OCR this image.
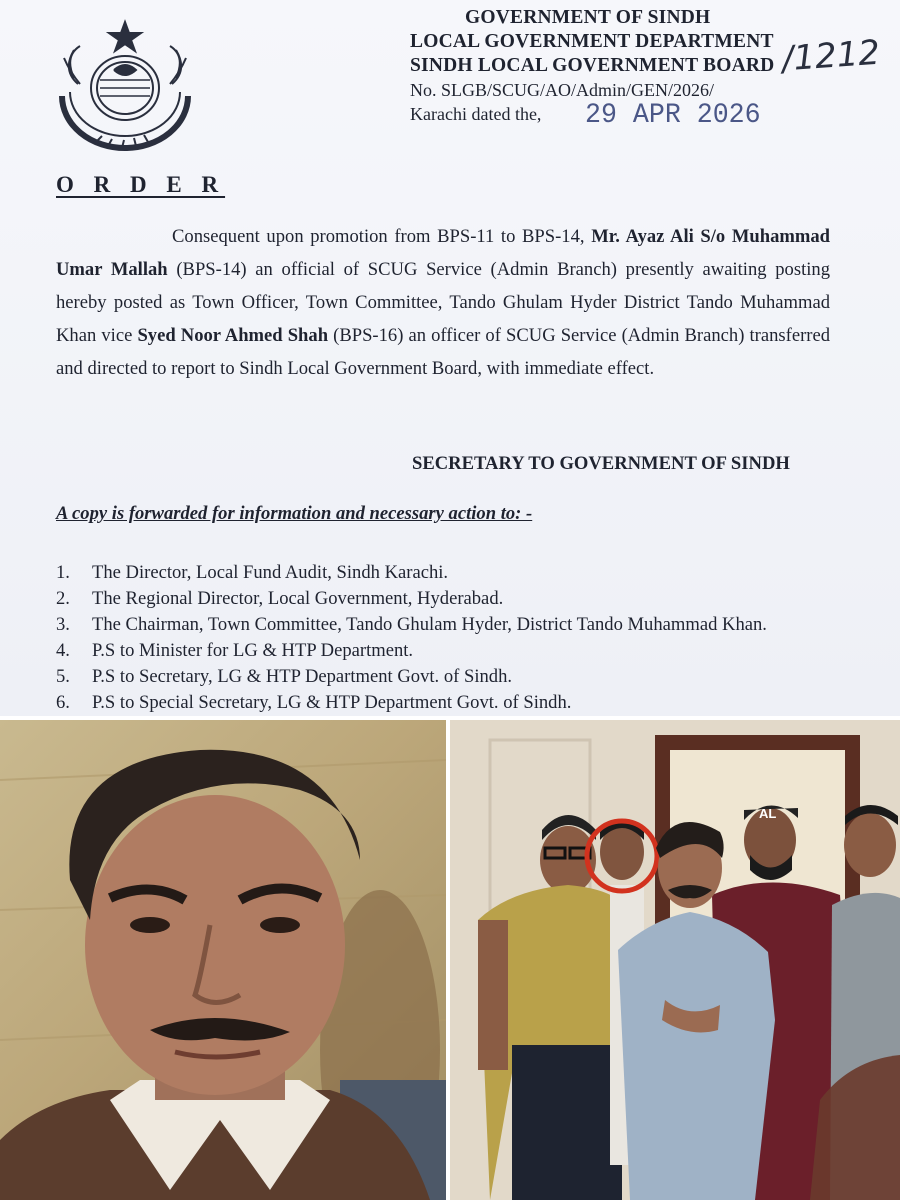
GOVERNMENT OF SINDH
LOCAL GOVERNMENT DEPARTMENT
SINDH LOCAL GOVERNMENT BOARD
No. SLGB/SCUG/AO/Admin/GEN/2026/
Karachi dated the,
/1212
29 APR 2026
O R D E R
Consequent upon promotion from BPS-11 to BPS-14, Mr. Ayaz Ali S/o Muhammad Umar Mallah (BPS-14) an official of SCUG Service (Admin Branch) presently awaiting posting hereby posted as Town Officer, Town Committee, Tando Ghulam Hyder District Tando Muhammad Khan vice Syed Noor Ahmed Shah (BPS-16) an officer of SCUG Service (Admin Branch) transferred and directed to report to Sindh Local Government Board, with immediate effect.
SECRETARY TO GOVERNMENT OF SINDH
A copy is forwarded for information and necessary action to: -
1.	The Director, Local Fund Audit, Sindh Karachi.
2.	The Regional Director, Local Government, Hyderabad.
3.	The Chairman, Town Committee, Tando Ghulam Hyder, District Tando Muhammad Khan.
4.	P.S to Minister for LG & HTP Department.
5.	P.S to Secretary, LG & HTP Department Govt. of Sindh.
6.	P.S to Special Secretary, LG & HTP Department Govt. of Sindh.
AL
